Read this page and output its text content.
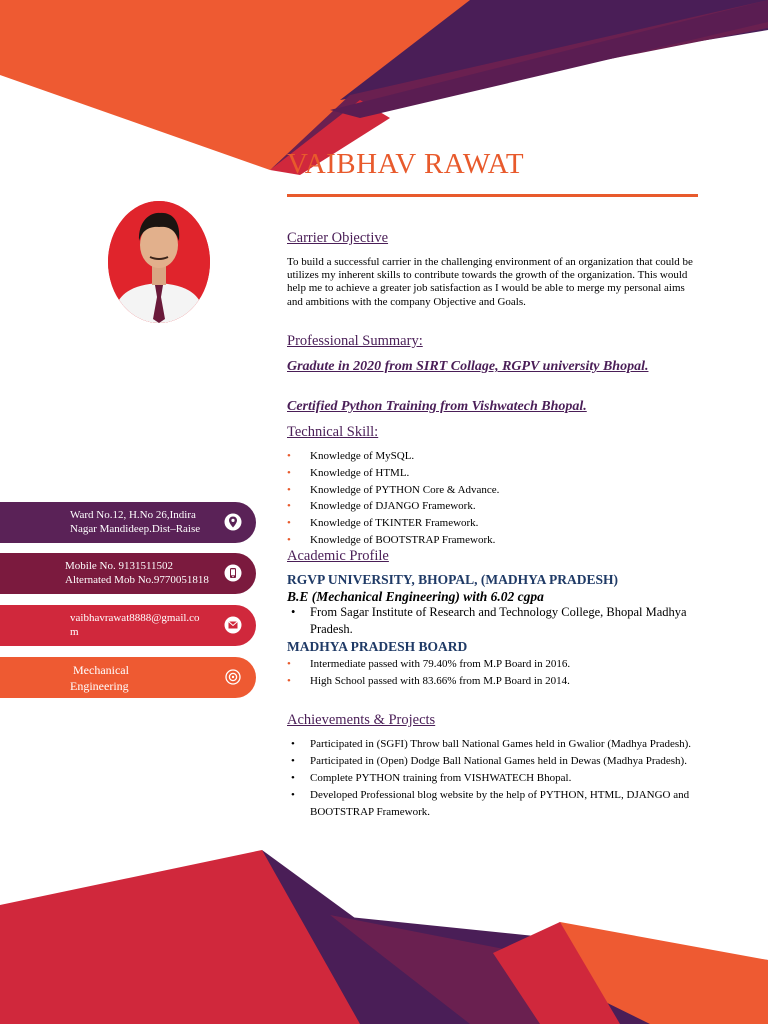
VAIBHAV RAWAT
Ward No.12, H.No 26,Indira
Nagar Mandideep.Dist–Raise
Mobile No. 9131511502
Alternated Mob No.9770051818
vaibhavrawat8888@gmail.co
m
Mechanical
Engineering
Carrier Objective
To build a successful carrier in the challenging environment of an organization that could be utilizes my inherent skills to contribute towards the growth of the organization. This would help me to achieve a greater job satisfaction as I would be able to merge my personal aims and ambitions with the company Objective and Goals.
Professional Summary:
Gradute in 2020 from SIRT Collage, RGPV university Bhopal.
Certified Python Training from Vishwatech Bhopal.
Technical Skill:
• Knowledge of MySQL.
• Knowledge of HTML.
• Knowledge of PYTHON Core & Advance.
• Knowledge of DJANGO Framework.
• Knowledge of TKINTER Framework.
• Knowledge of BOOTSTRAP Framework.
Academic Profile
RGVP UNIVERSITY, BHOPAL, (MADHYA PRADESH)
B.E (Mechanical Engineering) with 6.02 cgpa
• From Sagar Institute of Research and Technology College, Bhopal Madhya Pradesh.
MADHYA PRADESH BOARD
• Intermediate passed with 79.40% from M.P Board in 2016.
• High School passed with 83.66% from M.P Board in 2014.
Achievements & Projects
• Participated in (SGFI) Throw ball National Games held in Gwalior (Madhya Pradesh).
• Participated in (Open) Dodge Ball National Games held in Dewas (Madhya Pradesh).
• Complete PYTHON training from VISHWATECH Bhopal.
• Developed Professional blog website by the help of PYTHON, HTML, DJANGO and BOOTSTRAP Framework.
